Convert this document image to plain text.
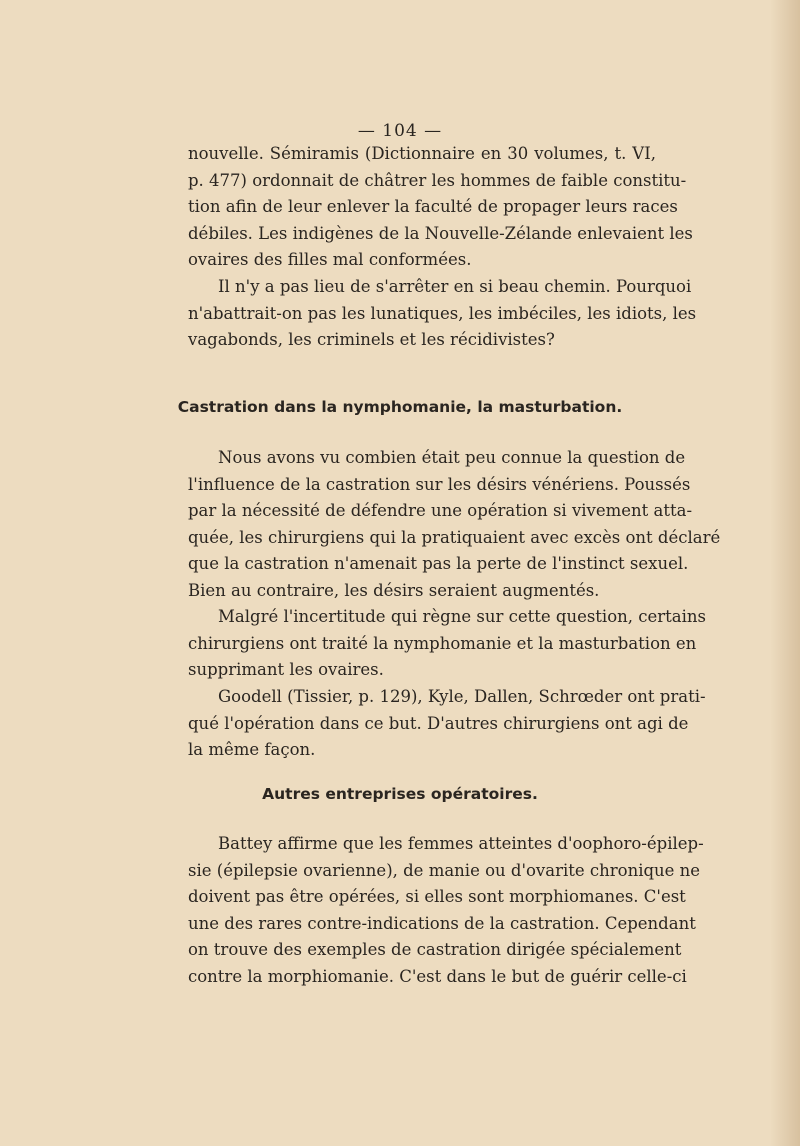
— 104 —
nouvelle. Sémiramis (Dictionnaire en 30 volumes, t. VI,
p. 477) ordonnait de châtrer les hommes de faible constitu-
tion afin de leur enlever la faculté de propager leurs races
débiles. Les indigènes de la Nouvelle-Zélande enlevaient les
ovaires des filles mal conformées.
Il n'y a pas lieu de s'arrêter en si beau chemin. Pourquoi
n'abattrait-on pas les lunatiques, les imbéciles, les idiots, les
vagabonds, les criminels et les récidivistes?
Castration dans la nymphomanie, la masturbation.
Nous avons vu combien était peu connue la question de
l'influence de la castration sur les désirs vénériens. Poussés
par la nécessité de défendre une opération si vivement atta-
quée, les chirurgiens qui la pratiquaient avec excès ont déclaré
que la castration n'amenait pas la perte de l'instinct sexuel.
Bien au contraire, les désirs seraient augmentés.
Malgré l'incertitude qui règne sur cette question, certains
chirurgiens ont traité la nymphomanie et la masturbation en
supprimant les ovaires.
Goodell (Tissier, p. 129), Kyle, Dallen, Schrœder ont prati-
qué l'opération dans ce but. D'autres chirurgiens ont agi de
la même façon.
Autres entreprises opératoires.
Battey affirme que les femmes atteintes d'oophoro-épilep-
sie (épilepsie ovarienne), de manie ou d'ovarite chronique ne
doivent pas être opérées, si elles sont morphiomanes. C'est
une des rares contre-indications de la castration. Cependant
on trouve des exemples de castration dirigée spécialement
contre la morphiomanie. C'est dans le but de guérir celle-ci
